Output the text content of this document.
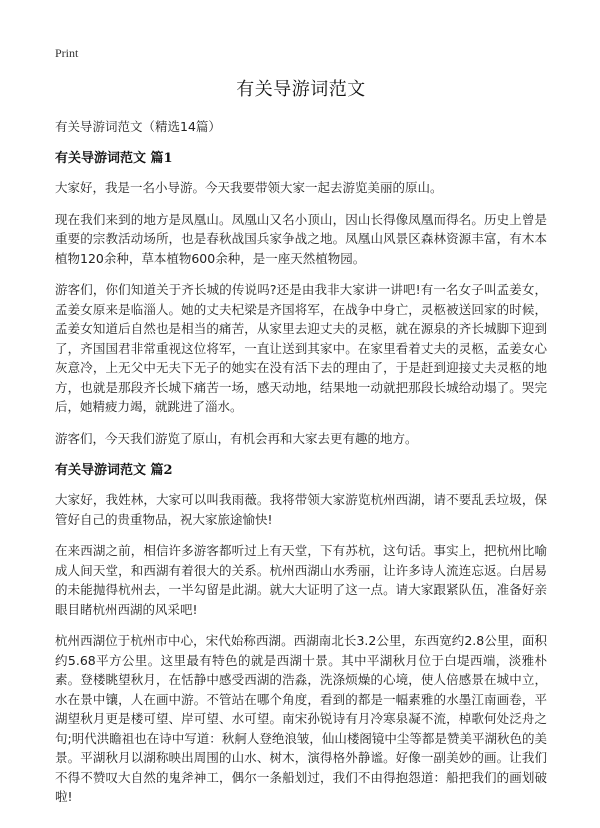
Print
有关导游词范文

有关导游词范文（精选14篇）

有关导游词范文 篇1

大家好，我是一名小导游。今天我要带领大家一起去游览美丽的原山。

现在我们来到的地方是凤凰山。凤凰山又名小顶山，因山长得像凤凰而得名。历史上曾是重要的宗教活动场所，也是春秋战国兵家争战之地。凤凰山风景区森林资源丰富，有木本植物120余种，草本植物600余种，是一座天然植物园。

游客们，你们知道关于齐长城的传说吗?还是由我非大家讲一讲吧!有一名女子叫孟姜女，孟姜女原来是临淄人。她的丈夫杞梁是齐国将军，在战争中身亡，灵柩被送回家的时候，孟姜女知道后自然也是相当的痛苦，从家里去迎丈夫的灵柩，就在源泉的齐长城脚下迎到了，齐国国君非常重视这位将军，一直让送到其家中。在家里看着丈夫的灵柩，孟姜女心灰意冷，上无父中无夫下无子的她实在没有活下去的理由了，于是赶到迎接丈夫灵柩的地方，也就是那段齐长城下痛苦一场，感天动地，结果地一动就把那段长城给动塌了。哭完后，她精疲力竭，就跳进了淄水。

游客们，今天我们游览了原山，有机会再和大家去更有趣的地方。

有关导游词范文 篇2

大家好，我姓林，大家可以叫我雨薇。我将带领大家游览杭州西湖，请不要乱丢垃圾，保管好自己的贵重物品，祝大家旅途愉快!

在来西湖之前，相信许多游客都听过上有天堂，下有苏杭，这句话。事实上，把杭州比喻成人间天堂，和西湖有着很大的关系。杭州西湖山水秀丽，让许多诗人流连忘返。白居易的未能抛得杭州去，一半勾留是此湖。就大大证明了这一点。请大家跟紧队伍，准备好亲眼目睹杭州西湖的风采吧!

杭州西湖位于杭州市中心，宋代始称西湖。西湖南北长3.2公里，东西宽约2.8公里，面积约5.68平方公里。这里最有特色的就是西湖十景。其中平湖秋月位于白堤西端，淡雅朴素。登楼眺望秋月，在恬静中感受西湖的浩淼，洗涤烦燥的心境，使人倍感景在城中立，水在景中镶，人在画中游。不管站在哪个角度，看到的都是一幅素雅的水墨江南画卷，平湖望秋月更是楼可望、岸可望、水可望。南宋孙锐诗有月冷寒泉凝不流，棹歌何处泛舟之句;明代洪瞻祖也在诗中写道：秋舸人登绝浪皱，仙山楼阁镜中尘等都是赞美平湖秋色的美景。平湖秋月以湖称映出周围的山水、树木，演得格外静谧。好像一副美妙的画。让我们不得不赞叹大自然的鬼斧神工，偶尔一条船划过，我们不由得抱怨道：船把我们的画划破啦!
